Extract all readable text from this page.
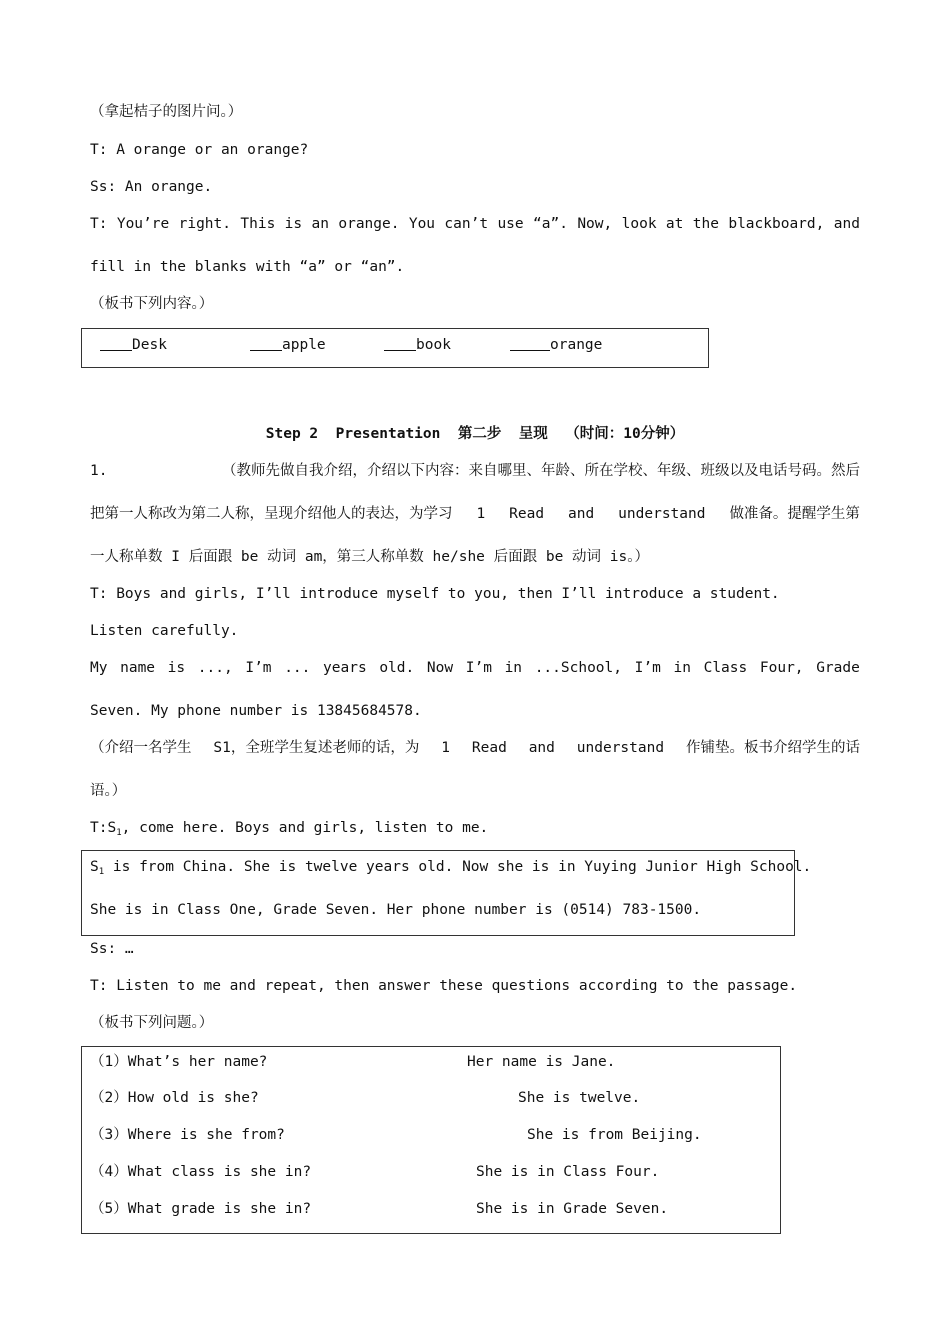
（拿起桔子的图片问。）
T: A orange or an orange?
Ss: An orange.
T: You’re right. This is an orange. You can’t use “a”. Now, look at the blackboard, and
fill in the blanks with “a” or “an”.
（板书下列内容。）
Desk	apple	book	orange
Step 2  Presentation  第二步  呈现  （时间：10分钟）
1.	（教师先做自我介绍，介绍以下内容：来自哪里、年龄、所在学校、年级、班级以及电话号码。然后
把第一人称改为第二人称，呈现介绍他人的表达，为学习 1 Read and understand 做准备。提醒学生第
一人称单数 I 后面跟 be 动词 am，第三人称单数 he/she 后面跟 be 动词 is。）
T: Boys and girls, I’ll introduce myself to you, then I’ll introduce a student.
Listen carefully.
My name is ..., I’m ... years old. Now I’m in ...School, I’m in Class Four, Grade
Seven. My phone number is 13845684578.
（介绍一名学生 S1，全班学生复述老师的话，为 1 Read and understand 作铺垫。板书介绍学生的话
语。）
$T:S_1$, come here. Boys and girls, listen to me.
$S_1$ is from China. She is twelve years old. Now she is in Yuying Junior High School.
She is in Class One, Grade Seven. Her phone number is (0514) 783-1500.
Ss: …
T: Listen to me and repeat, then answer these questions according to the passage.
（板书下列问题。）
（1）What’s her name?	Her name is Jane.
（2）How old is she?	She is twelve.
（3）Where is she from?	She is from Beijing.
（4）What class is she in?	She is in Class Four.
（5）What grade is she in?	She is in Grade Seven.
